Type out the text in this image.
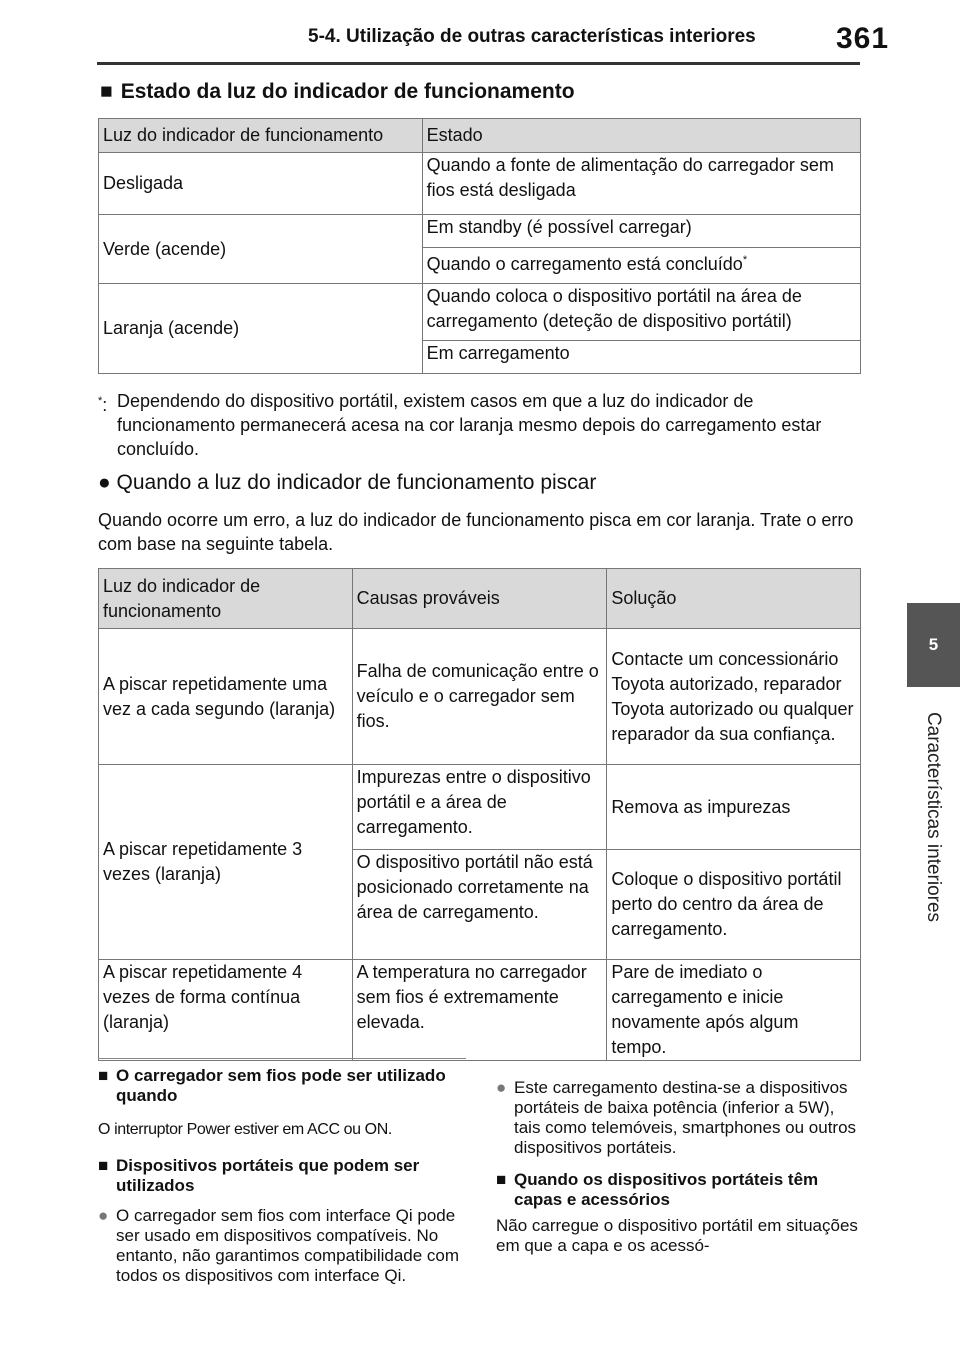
5-4. Utilização de outras características interiores	361
5
Características interiores
■ Estado da luz do indicador de funcionamento
Luz do indicador de funcionamento	Estado
Desligada	Quando a fonte de alimentação do carregador sem fios está desligada
Verde (acende)	Em standby (é possível carregar)
	Quando o carregamento está concluído*
Laranja (acende)	Quando coloca o dispositivo portátil na área de carregamento (deteção de dispositivo portátil)
	Em carregamento
*: Dependendo do dispositivo portátil, existem casos em que a luz do indicador de funcionamento permanecerá acesa na cor laranja mesmo depois do carregamento estar concluído.
● Quando a luz do indicador de funcionamento piscar
Quando ocorre um erro, a luz do indicador de funcionamento pisca em cor laranja. Trate o erro com base na seguinte tabela.
Luz do indicador de funcionamento	Causas prováveis	Solução
A piscar repetidamente uma vez a cada segundo (laranja)	Falha de comunicação entre o veículo e o carregador sem fios.	Contacte um concessionário Toyota autorizado, reparador Toyota autorizado ou qualquer reparador da sua confiança.
A piscar repetidamente 3 vezes (laranja)	Impurezas entre o dispositivo portátil e a área de carregamento.	Remova as impurezas
	O dispositivo portátil não está posicionado corretamente na área de carregamento.	Coloque o dispositivo portátil perto do centro da área de carregamento.
A piscar repetidamente 4 vezes de forma contínua (laranja)	A temperatura no carregador sem fios é extremamente elevada.	Pare de imediato o carregamento e inicie novamente após algum tempo.
■ O carregador sem fios pode ser utilizado quando
O interruptor Power estiver em ACC ou ON.
■ Dispositivos portáteis que podem ser utilizados
● O carregador sem fios com interface Qi pode ser usado em dispositivos compatíveis. No entanto, não garantimos compatibilidade com todos os dispositivos com interface Qi.
● Este carregamento destina-se a dispositivos portáteis de baixa potência (inferior a 5W), tais como telemóveis, smartphones ou outros dispositivos portáteis.
■ Quando os dispositivos portáteis têm capas e acessórios
Não carregue o dispositivo portátil em situações em que a capa e os acessó-
